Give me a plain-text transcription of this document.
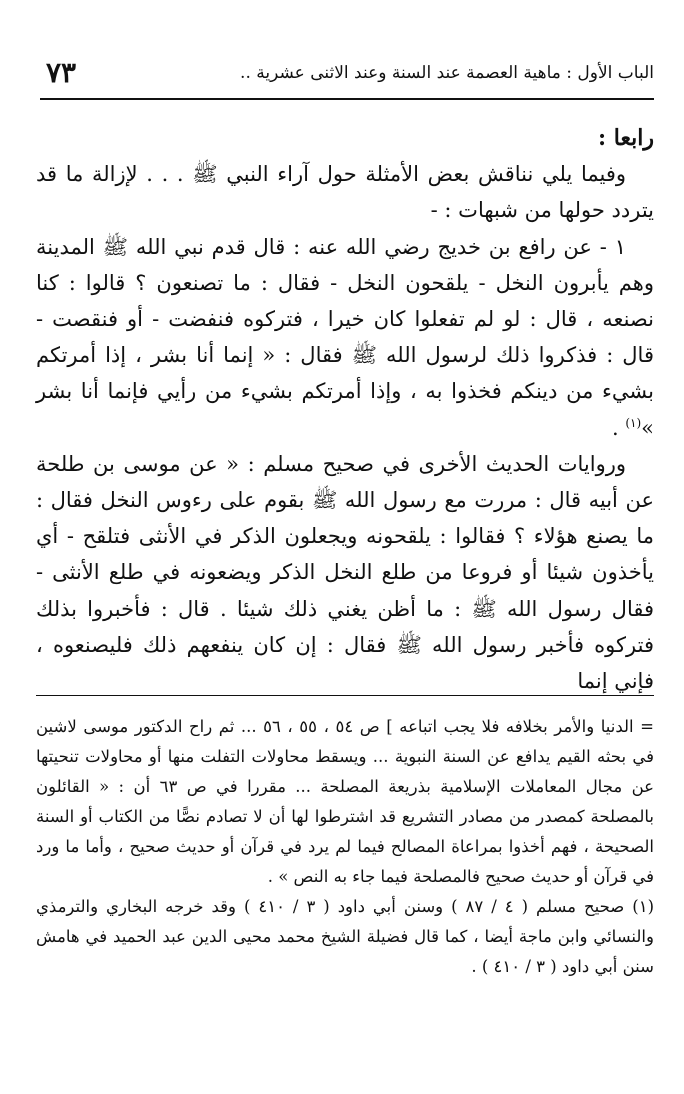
٧٣	الباب الأول : ماهية العصمة عند السنة وعند الاثنى عشرية ..

رابعا :

وفيما يلي نناقش بعض الأمثلة حول آراء النبي ﷺ . . . لإزالة ما قد يتردد حولها من شبهات : -

١ - عن رافع بن خديج رضي الله عنه : قال قدم نبي الله ﷺ المدينة وهم يأبرون النخل - يلقحون النخل - فقال : ما تصنعون ؟ قالوا : كنا نصنعه ، قال : لو لم تفعلوا كان خيرا ، فتركوه فنفضت - أو فنقصت - قال : فذكروا ذلك لرسول الله ﷺ فقال : « إنما أنا بشر ، إذا أمرتكم بشيء من دينكم فخذوا به ، وإذا أمرتكم بشيء من رأيي فإنما أنا بشر »$^{(١)}$ .

وروايات الحديث الأخرى في صحيح مسلم : « عن موسى بن طلحة عن أبيه قال : مررت مع رسول الله ﷺ بقوم على رءوس النخل فقال : ما يصنع هؤلاء ؟ فقالوا : يلقحونه ويجعلون الذكر في الأنثى فتلقح - أي يأخذون شيئا أو فروعا من طلع النخل الذكر ويضعونه في طلع الأنثى - فقال رسول الله ﷺ : ما أظن يغني ذلك شيئا . قال : فأخبروا بذلك فتركوه فأخبر رسول الله ﷺ فقال : إن كان ينفعهم ذلك فليصنعوه ، فإني إنما

= الدنيا والأمر بخلافه فلا يجب اتباعه ] ص ٥٤ ، ٥٥ ، ٥٦ ... ثم راح الدكتور موسى لاشين في بحثه القيم يدافع عن السنة النبوية ... ويسقط محاولات التفلت منها أو محاولات تنحيتها عن مجال المعاملات الإسلامية بذريعة المصلحة ... مقررا في ص ٦٣ أن : « القائلون بالمصلحة كمصدر من مصادر التشريع قد اشترطوا لها أن لا تصادم نصًّا من الكتاب أو السنة الصحيحة ، فهم أخذوا بمراعاة المصالح فيما لم يرد في قرآن أو حديث صحيح ، وأما ما ورد في قرآن أو حديث صحيح فالمصلحة فيما جاء به النص » .

(١) صحيح مسلم ( ٤ / ٨٧ ) وسنن أبي داود ( ٣ / ٤١٠ ) وقد خرجه البخاري والترمذي والنسائي وابن ماجة أيضا ، كما قال فضيلة الشيخ محمد محيى الدين عبد الحميد في هامش سنن أبي داود ( ٣ / ٤١٠ ) .
